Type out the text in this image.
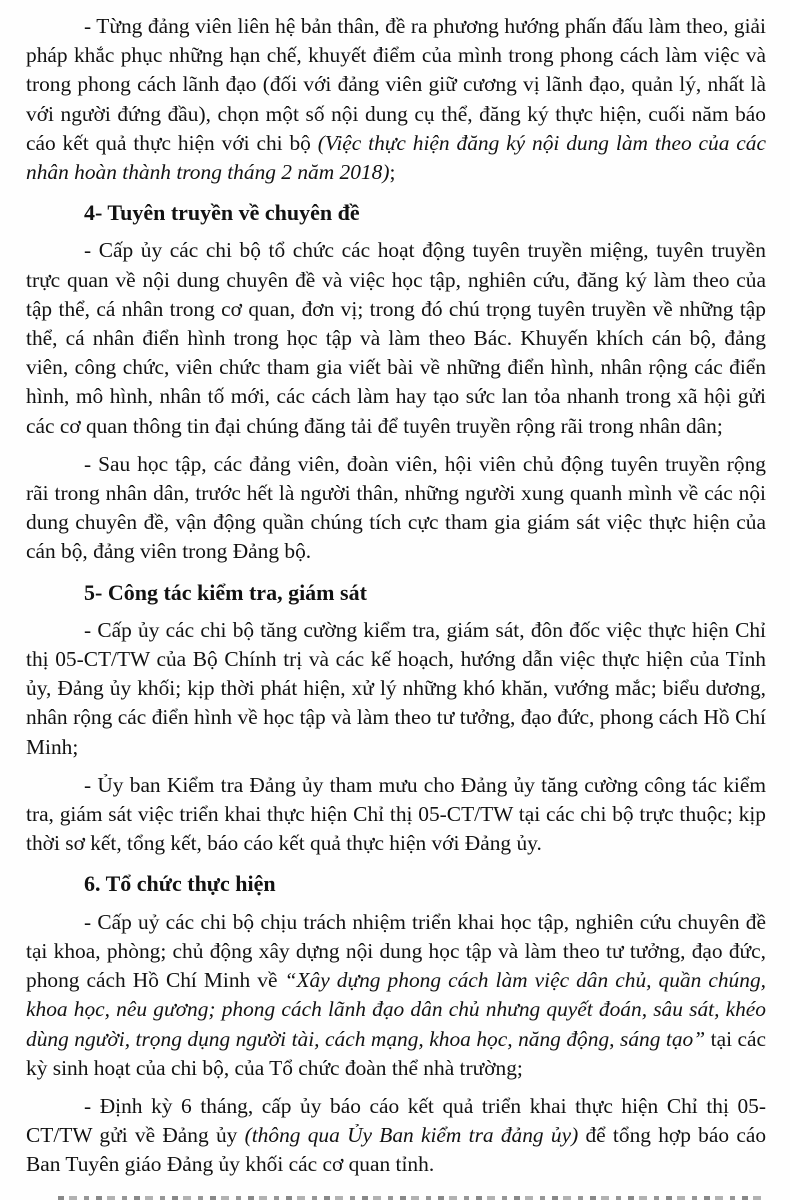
- Từng đảng viên liên hệ bản thân, đề ra phương hướng phấn đấu làm theo, giải pháp khắc phục những hạn chế, khuyết điểm của mình trong phong cách làm việc và trong phong cách lãnh đạo (đối với đảng viên giữ cương vị lãnh đạo, quản lý, nhất là với người đứng đầu), chọn một số nội dung cụ thể, đăng ký thực hiện, cuối năm báo cáo kết quả thực hiện với chi bộ (Việc thực hiện đăng ký nội dung làm theo của các nhân hoàn thành trong tháng 2 năm 2018);
4- Tuyên truyền về chuyên đề
- Cấp ủy các chi bộ tổ chức các hoạt động tuyên truyền miệng, tuyên truyền trực quan về nội dung chuyên đề và việc học tập, nghiên cứu, đăng ký làm theo của tập thể, cá nhân trong cơ quan, đơn vị; trong đó chú trọng tuyên truyền về những tập thể, cá nhân điển hình trong học tập và làm theo Bác. Khuyến khích cán bộ, đảng viên, công chức, viên chức tham gia viết bài về những điển hình, nhân rộng các điển hình, mô hình, nhân tố mới, các cách làm hay tạo sức lan tỏa nhanh trong xã hội gửi các cơ quan thông tin đại chúng đăng tải để tuyên truyền rộng rãi trong nhân dân;
- Sau học tập, các đảng viên, đoàn viên, hội viên chủ động tuyên truyền rộng rãi trong nhân dân, trước hết là người thân, những người xung quanh mình về các nội dung chuyên đề, vận động quần chúng tích cực tham gia giám sát việc thực hiện của cán bộ, đảng viên trong Đảng bộ.
5- Công tác kiểm tra, giám sát
- Cấp ủy các chi bộ tăng cường kiểm tra, giám sát, đôn đốc việc thực hiện Chỉ thị 05-CT/TW của Bộ Chính trị và các kế hoạch, hướng dẫn việc thực hiện của Tỉnh ủy, Đảng ủy khối; kịp thời phát hiện, xử lý những khó khăn, vướng mắc; biểu dương, nhân rộng các điển hình về học tập và làm theo tư tưởng, đạo đức, phong cách Hồ Chí Minh;
- Ủy ban Kiểm tra Đảng ủy tham mưu cho Đảng ủy tăng cường công tác kiểm tra, giám sát việc triển khai thực hiện Chỉ thị 05-CT/TW tại các chi bộ trực thuộc; kịp thời sơ kết, tổng kết, báo cáo kết quả thực hiện với Đảng ủy.
6. Tổ chức thực hiện
- Cấp uỷ các chi bộ chịu trách nhiệm triển khai học tập, nghiên cứu chuyên đề tại khoa, phòng; chủ động xây dựng nội dung học tập và làm theo tư tưởng, đạo đức, phong cách Hồ Chí Minh về “Xây dựng phong cách làm việc dân chủ, quần chúng, khoa học, nêu gương; phong cách lãnh đạo dân chủ nhưng quyết đoán, sâu sát, khéo dùng người, trọng dụng người tài, cách mạng, khoa học, năng động, sáng tạo” tại các kỳ sinh hoạt của chi bộ, của Tổ chức đoàn thể nhà trường;
- Định kỳ 6 tháng, cấp ủy báo cáo kết quả triển khai thực hiện Chỉ thị 05-CT/TW gửi về Đảng ủy (thông qua Ủy Ban kiểm tra đảng ủy) để tổng hợp báo cáo Ban Tuyên giáo Đảng ủy khối các cơ quan tỉnh.
